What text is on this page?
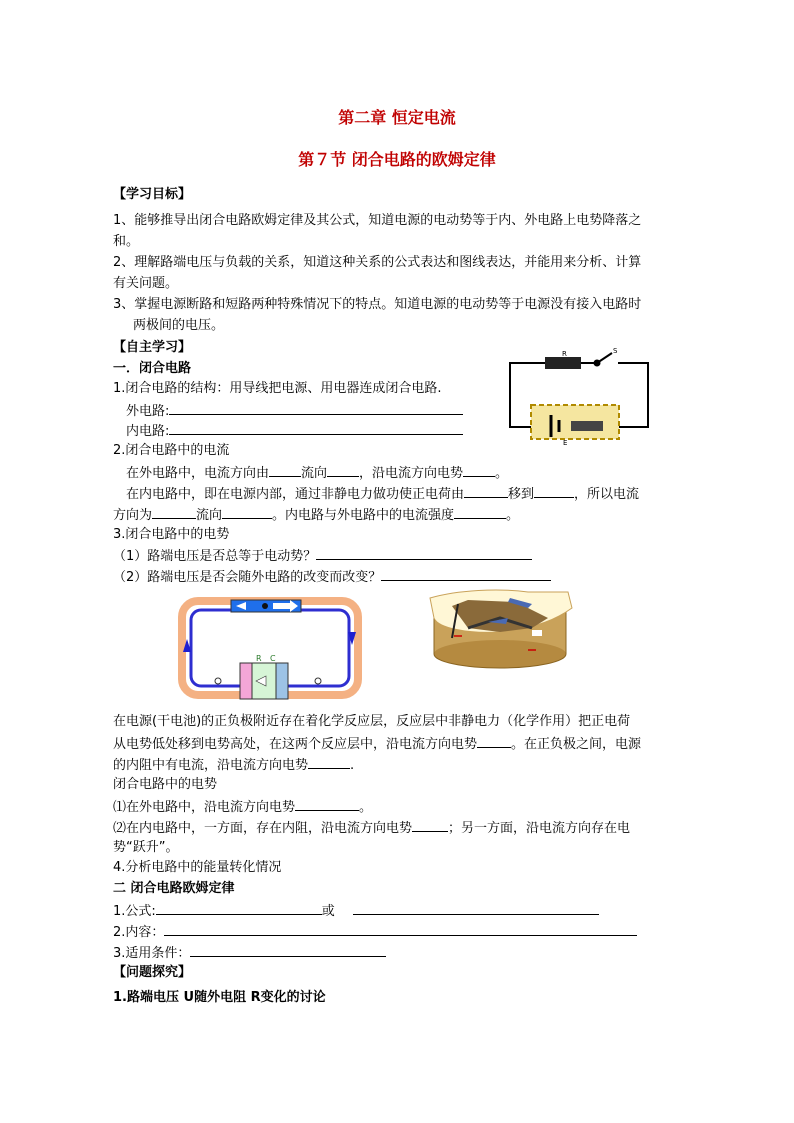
第二章 恒定电流
第７节 闭合电路的欧姆定律
【学习目标】
1、能够推导出闭合电路欧姆定律及其公式，知道电源的电动势等于内、外电路上电势降落之
和。
2、理解路端电压与负载的关系，知道这种关系的公式表达和图线表达，并能用来分析、计算
有关问题。
3、掌握电源断路和短路两种特殊情况下的特点。知道电源的电动势等于电源没有接入电路时
两极间的电压。
【自主学习】
一．闭合电路
1.闭合电路的结构：用导线把电源、用电器连成闭合电路.
外电路:
内电路:
2.闭合电路中的电流
在外电路中，电流方向由 流向 ，沿电流方向电势 。
在内电路中，即在电源内部，通过非静电力做功使正电荷由	移到	，所以电流
方向为	流向	。内电路与外电路中的电流强度	。
3.闭合电路中的电势
（1）路端电压是否总等于电动势？
（2）路端电压是否会随外电路的改变而改变？
R	S
E
R C
在电源(干电池)的正负极附近存在着化学反应层，反应层中非静电力（化学作用）把正电荷
从电势低处移到电势高处，在这两个反应层中，沿电流方向电势	。在正负极之间，电源
的内阻中有电流，沿电流方向电势	.
闭合电路中的电势
⑴在外电路中，沿电流方向电势	。
⑵在内电路中，一方面，存在内阻，沿电流方向电势	；另一方面，沿电流方向存在电
势“跃升”。
4.分析电路中的能量转化情况
二 闭合电路欧姆定律
1.公式:	或
2.内容：
3.适用条件：
【问题探究】
1.路端电压 U随外电阻 R变化的讨论
